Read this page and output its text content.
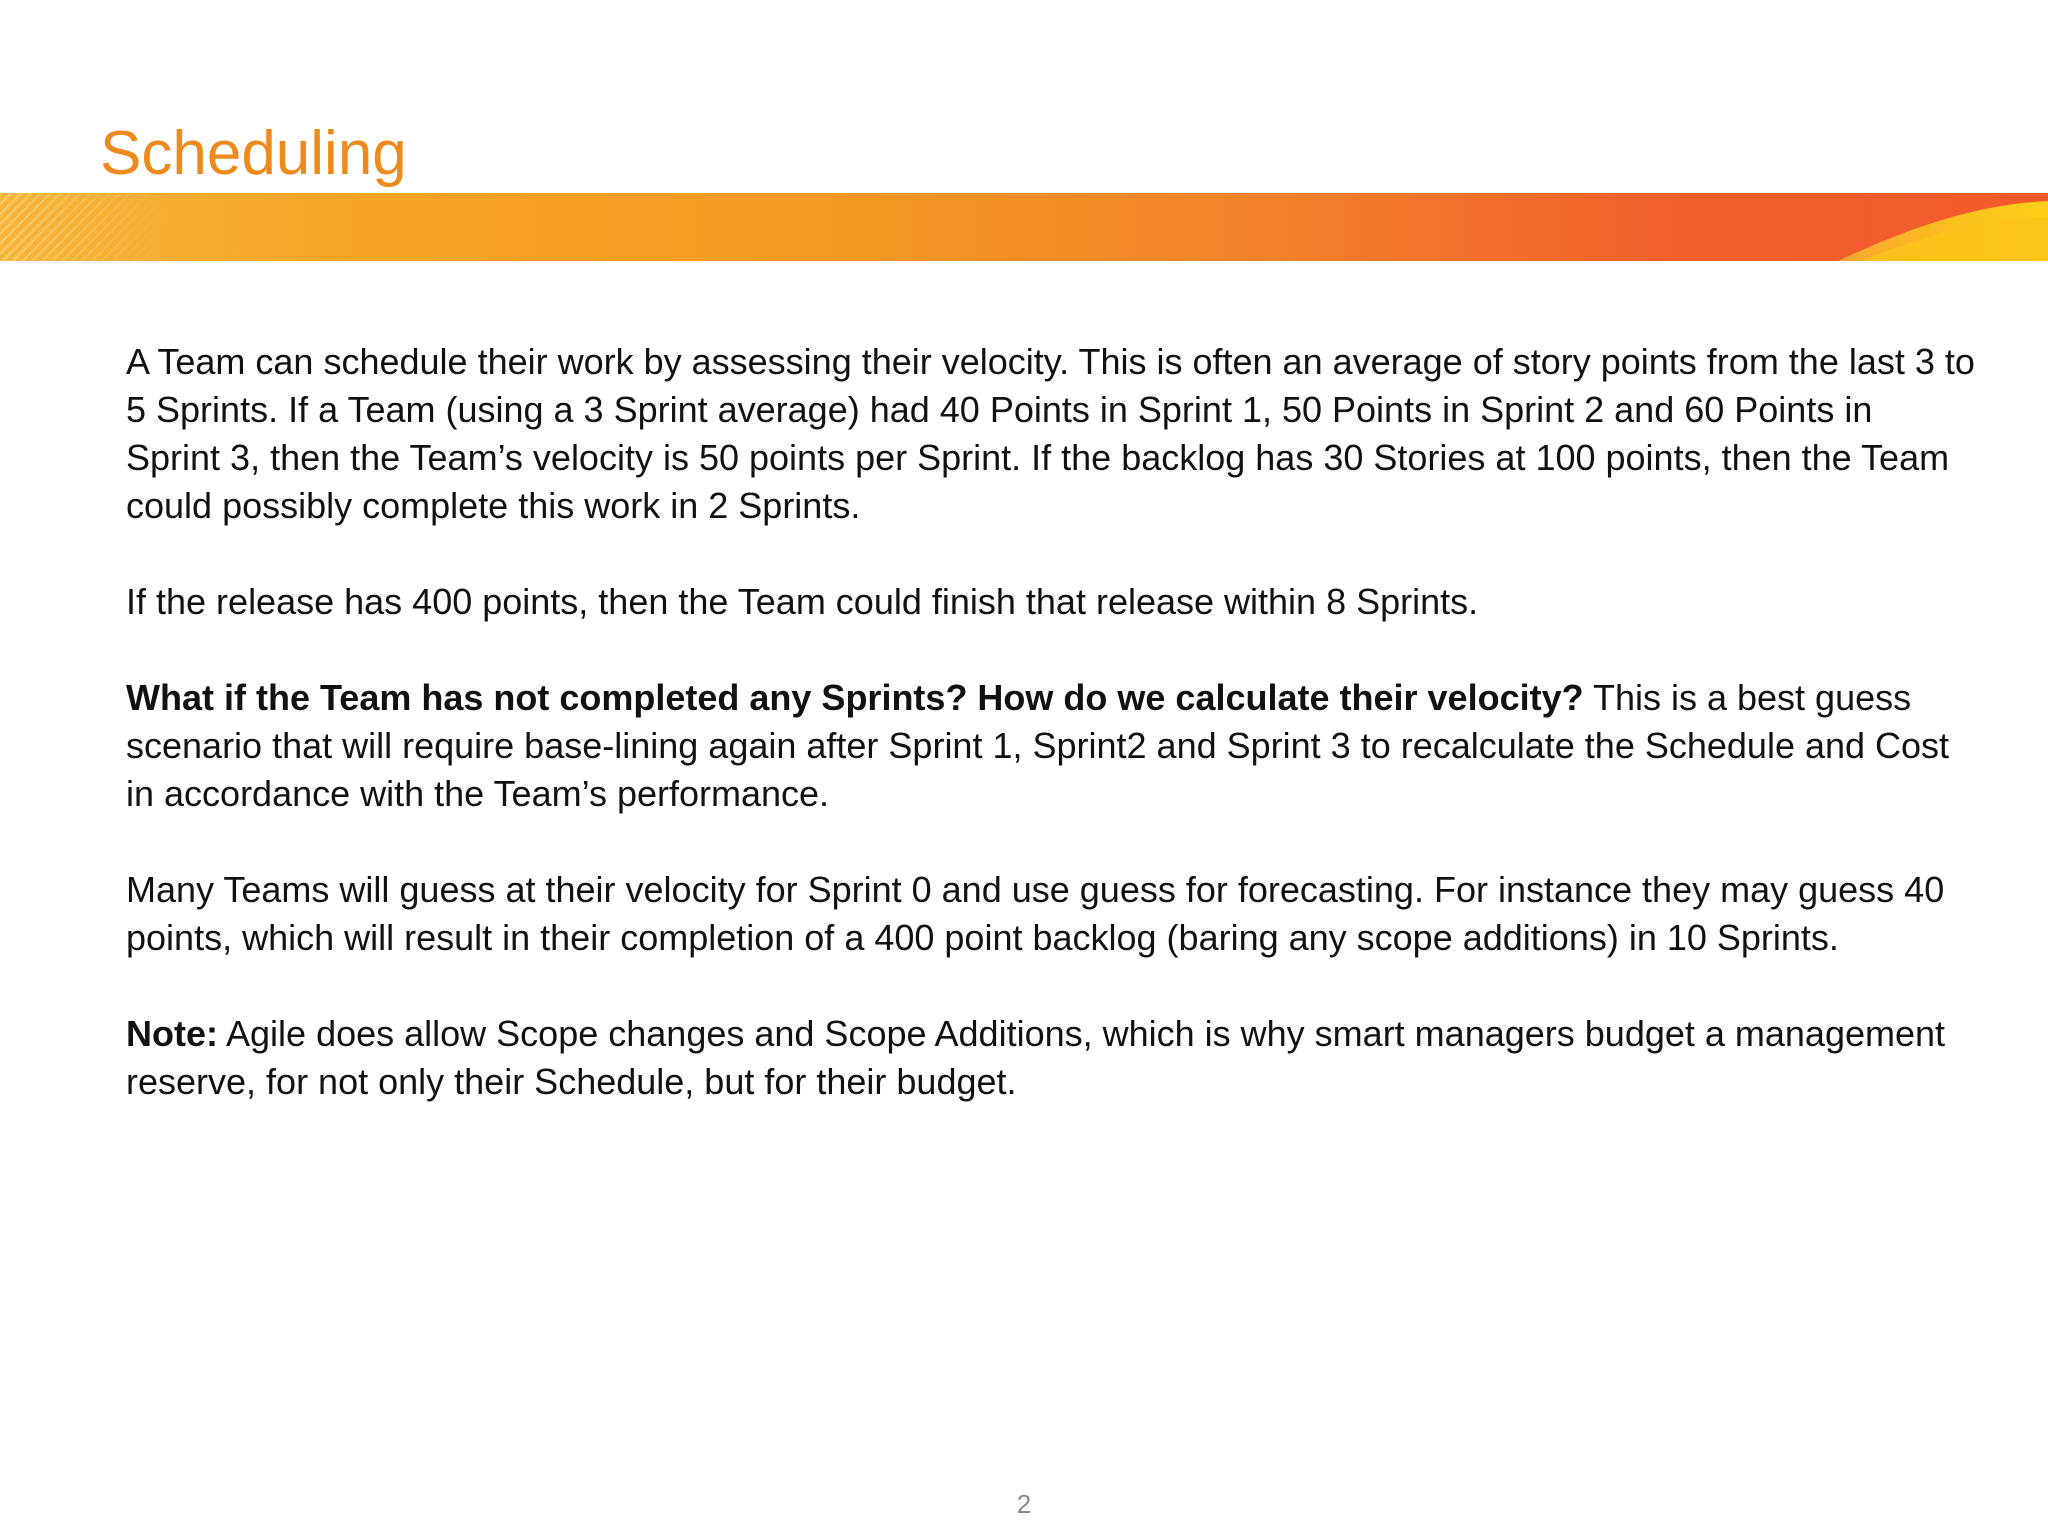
Scheduling

A Team can schedule their work by assessing their velocity. This is often an average of story points from the last 3 to 5 Sprints. If a Team (using a 3 Sprint average) had 40 Points in Sprint 1, 50 Points in Sprint 2 and 60 Points in Sprint 3, then the Team’s velocity is 50 points per Sprint. If the backlog has 30 Stories at 100 points, then the Team could possibly complete this work in 2 Sprints.

If the release has 400 points, then the Team could finish that release within 8 Sprints.

What if the Team has not completed any Sprints? How do we calculate their velocity? This is a best guess scenario that will require base-lining again after Sprint 1, Sprint2 and Sprint 3 to recalculate the Schedule and Cost in accordance with the Team’s performance.

Many Teams will guess at their velocity for Sprint 0 and use guess for forecasting. For instance they may guess 40 points, which will result in their completion of a 400 point backlog (baring any scope additions) in 10 Sprints.

Note: Agile does allow Scope changes and Scope Additions, which is why smart managers budget a management reserve, for not only their Schedule, but for their budget.

2
